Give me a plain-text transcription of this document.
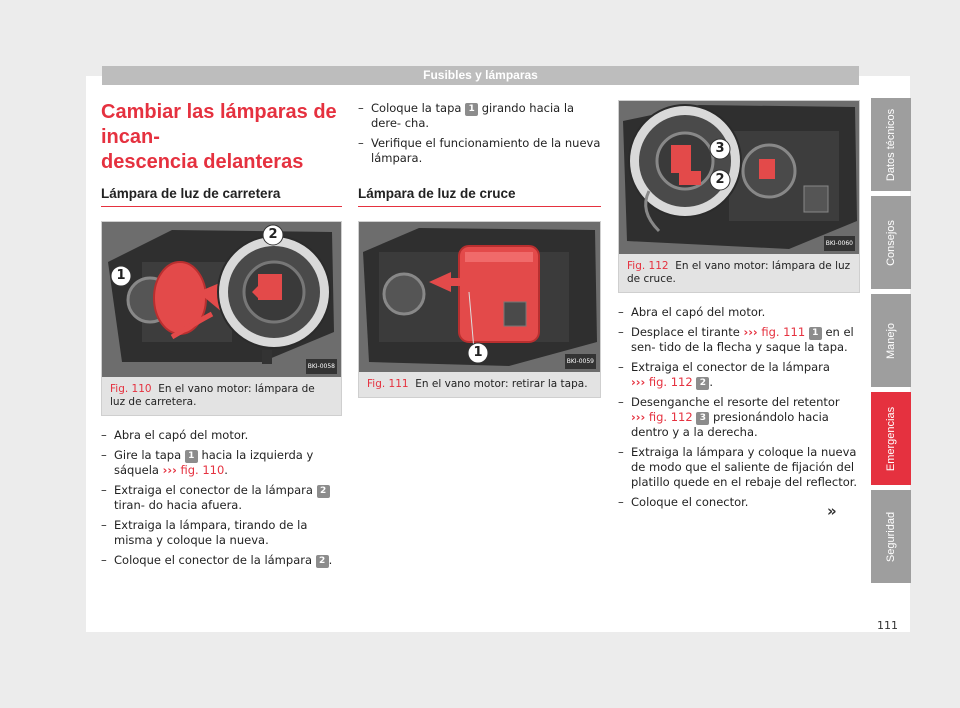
Fusibles y lámparas
Datos técnicos
Consejos
Manejo
Emergencias
Seguridad
Cambiar las lámparas de incan-
descencia delanteras
Lámpara de luz de carretera
1
2
BKI-0058
Fig. 110 En el vano motor: lámpara de luz de carretera.
– Abra el capó del motor.
– Gire la tapa 1 hacia la izquierda y sáquela ››› fig. 110.
– Extraiga el conector de la lámpara 2 tiran- do hacia afuera.
– Extraiga la lámpara, tirando de la misma y coloque la nueva.
– Coloque el conector de la lámpara 2 .
– Coloque la tapa 1 girando hacia la dere- cha.
– Verifique el funcionamiento de la nueva lámpara.
Lámpara de luz de cruce
1
BKI-0059
Fig. 111 En el vano motor: retirar la tapa.
3
2
BKI-0060
Fig. 112 En el vano motor: lámpara de luz de cruce.
– Abra el capó del motor.
– Desplace el tirante ››› fig. 111 1 en el sen- tido de la flecha y saque la tapa.
– Extraiga el conector de la lámpara
››› fig. 112 2 .
– Desenganche el resorte del retentor
››› fig. 112 3 presionándolo hacia dentro y a la derecha.
– Extraiga la lámpara y coloque la nueva de modo que el saliente de fijación del platillo quede en el rebaje del reflector.
– Coloque el conector.	»
111
